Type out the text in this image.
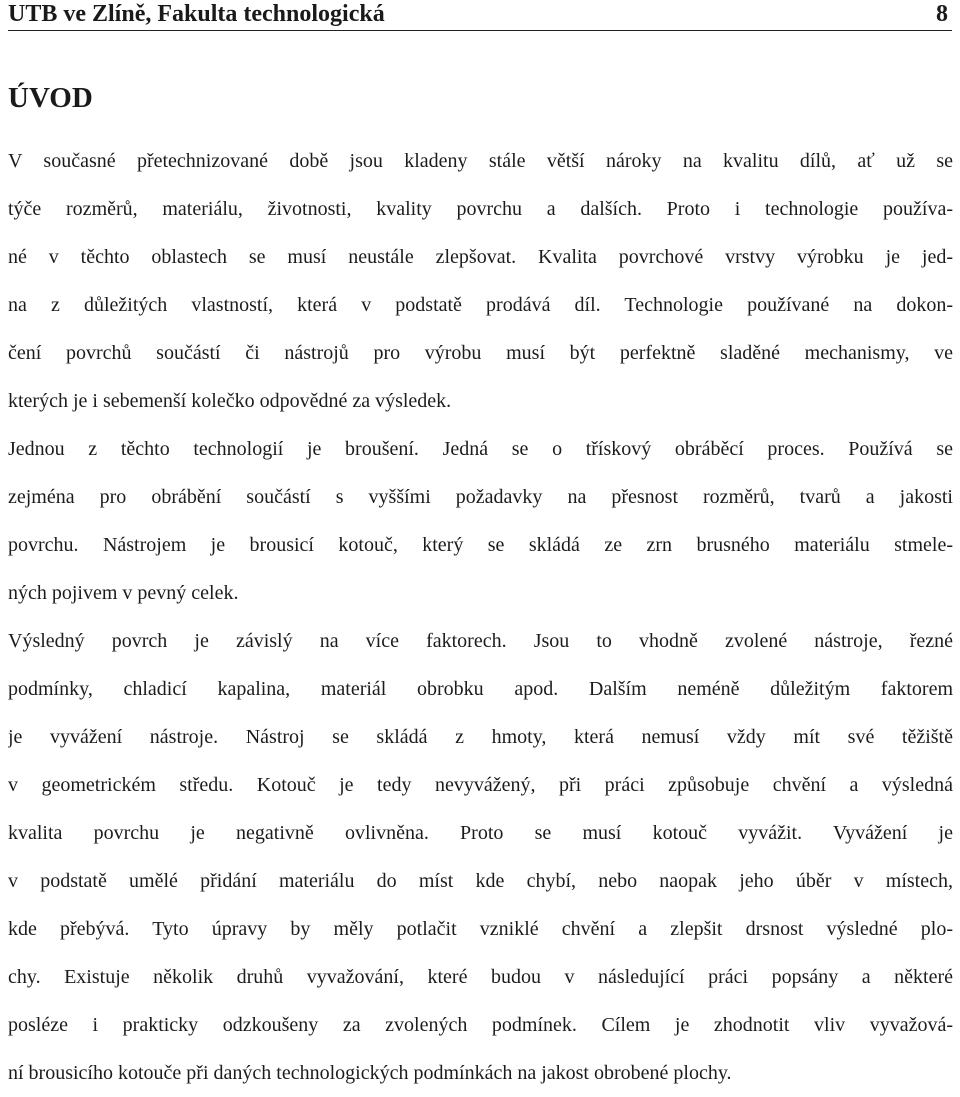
UTB ve Zlíně, Fakulta technologická	8
ÚVOD
V současné přetechnizované době jsou kladeny stále větší nároky na kvalitu dílů, ať už se
týče rozměrů, materiálu, životnosti, kvality povrchu a dalších. Proto i technologie používa-
né v těchto oblastech se musí neustále zlepšovat. Kvalita povrchové vrstvy výrobku je jed-
na z důležitých vlastností, která v podstatě prodává díl. Technologie používané na dokon-
čení povrchů součástí či nástrojů pro výrobu musí být perfektně sladěné mechanismy, ve
kterých je i sebemenší kolečko odpovědné za výsledek.
Jednou z těchto technologií je broušení. Jedná se o třískový obráběcí proces. Používá se
zejména pro obrábění součástí s vyššími požadavky na přesnost rozměrů, tvarů a jakosti
povrchu. Nástrojem je brousicí kotouč, který se skládá ze zrn brusného materiálu stmele-
ných pojivem v pevný celek.
Výsledný povrch je závislý na více faktorech. Jsou to vhodně zvolené nástroje, řezné
podmínky, chladicí kapalina, materiál obrobku apod. Dalším neméně důležitým faktorem
je vyvážení nástroje. Nástroj se skládá z hmoty, která nemusí vždy mít své těžiště
v geometrickém středu. Kotouč je tedy nevyvážený, při práci způsobuje chvění a výsledná
kvalita povrchu je negativně ovlivněna. Proto se musí kotouč vyvážit. Vyvážení je
v podstatě umělé přidání materiálu do míst kde chybí, nebo naopak jeho úběr v místech,
kde přebývá. Tyto úpravy by měly potlačit vzniklé chvění a zlepšit drsnost výsledné plo-
chy. Existuje několik druhů vyvažování, které budou v následující práci popsány a některé
posléze i prakticky odzkoušeny za zvolených podmínek. Cílem je zhodnotit vliv vyvažová-
ní brousicího kotouče při daných technologických podmínkách na jakost obrobené plochy.
